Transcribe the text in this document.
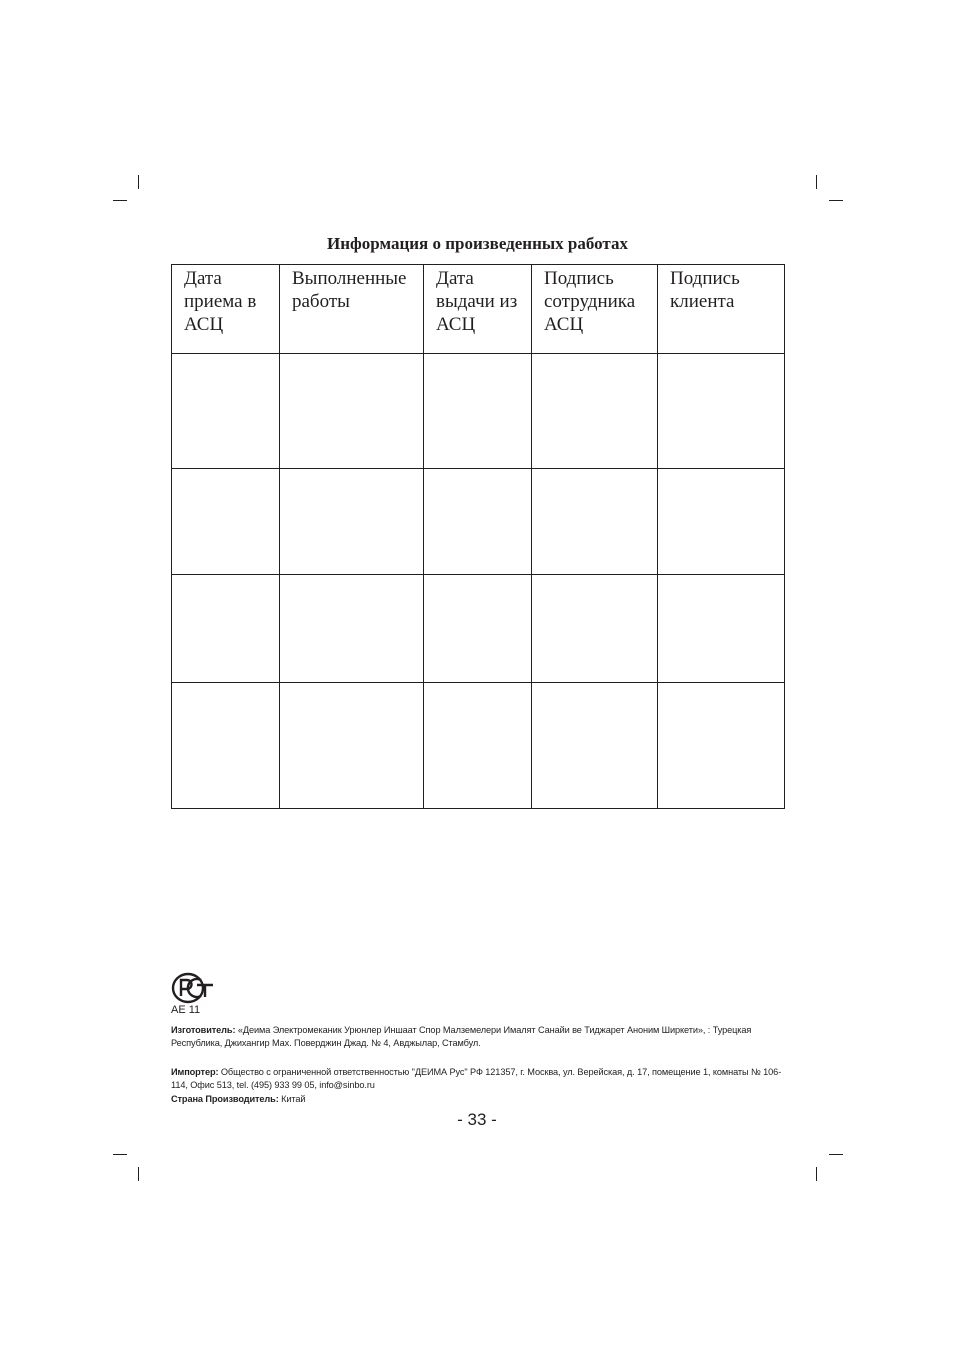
Информация о произведенных работах
Дата
приема в
АСЦ	Выполненные
работы	Дата
выдачи из
АСЦ	Подпись
сотрудника
АСЦ	Подпись
клиента

AE 11
Изготовитель: «Деима Электромеканик Урюнлер Иншаат Спор Малземелери Ималят Санайи ве Тиджарет Аноним Ширкети», : Турецкая Республика, Джихангир Мах. Поверджин Джад. № 4, Авджылар, Стамбул.
Импортер: Общество с ограниченной ответственностью "ДЕИМА Рус" РФ 121357, г. Москва, ул. Верейская, д. 17, помещение 1, комнаты № 106-114, Офис 513, tel. (495) 933 99 05, info@sinbo.ru
Страна Производитель: Китай
- 33 -
